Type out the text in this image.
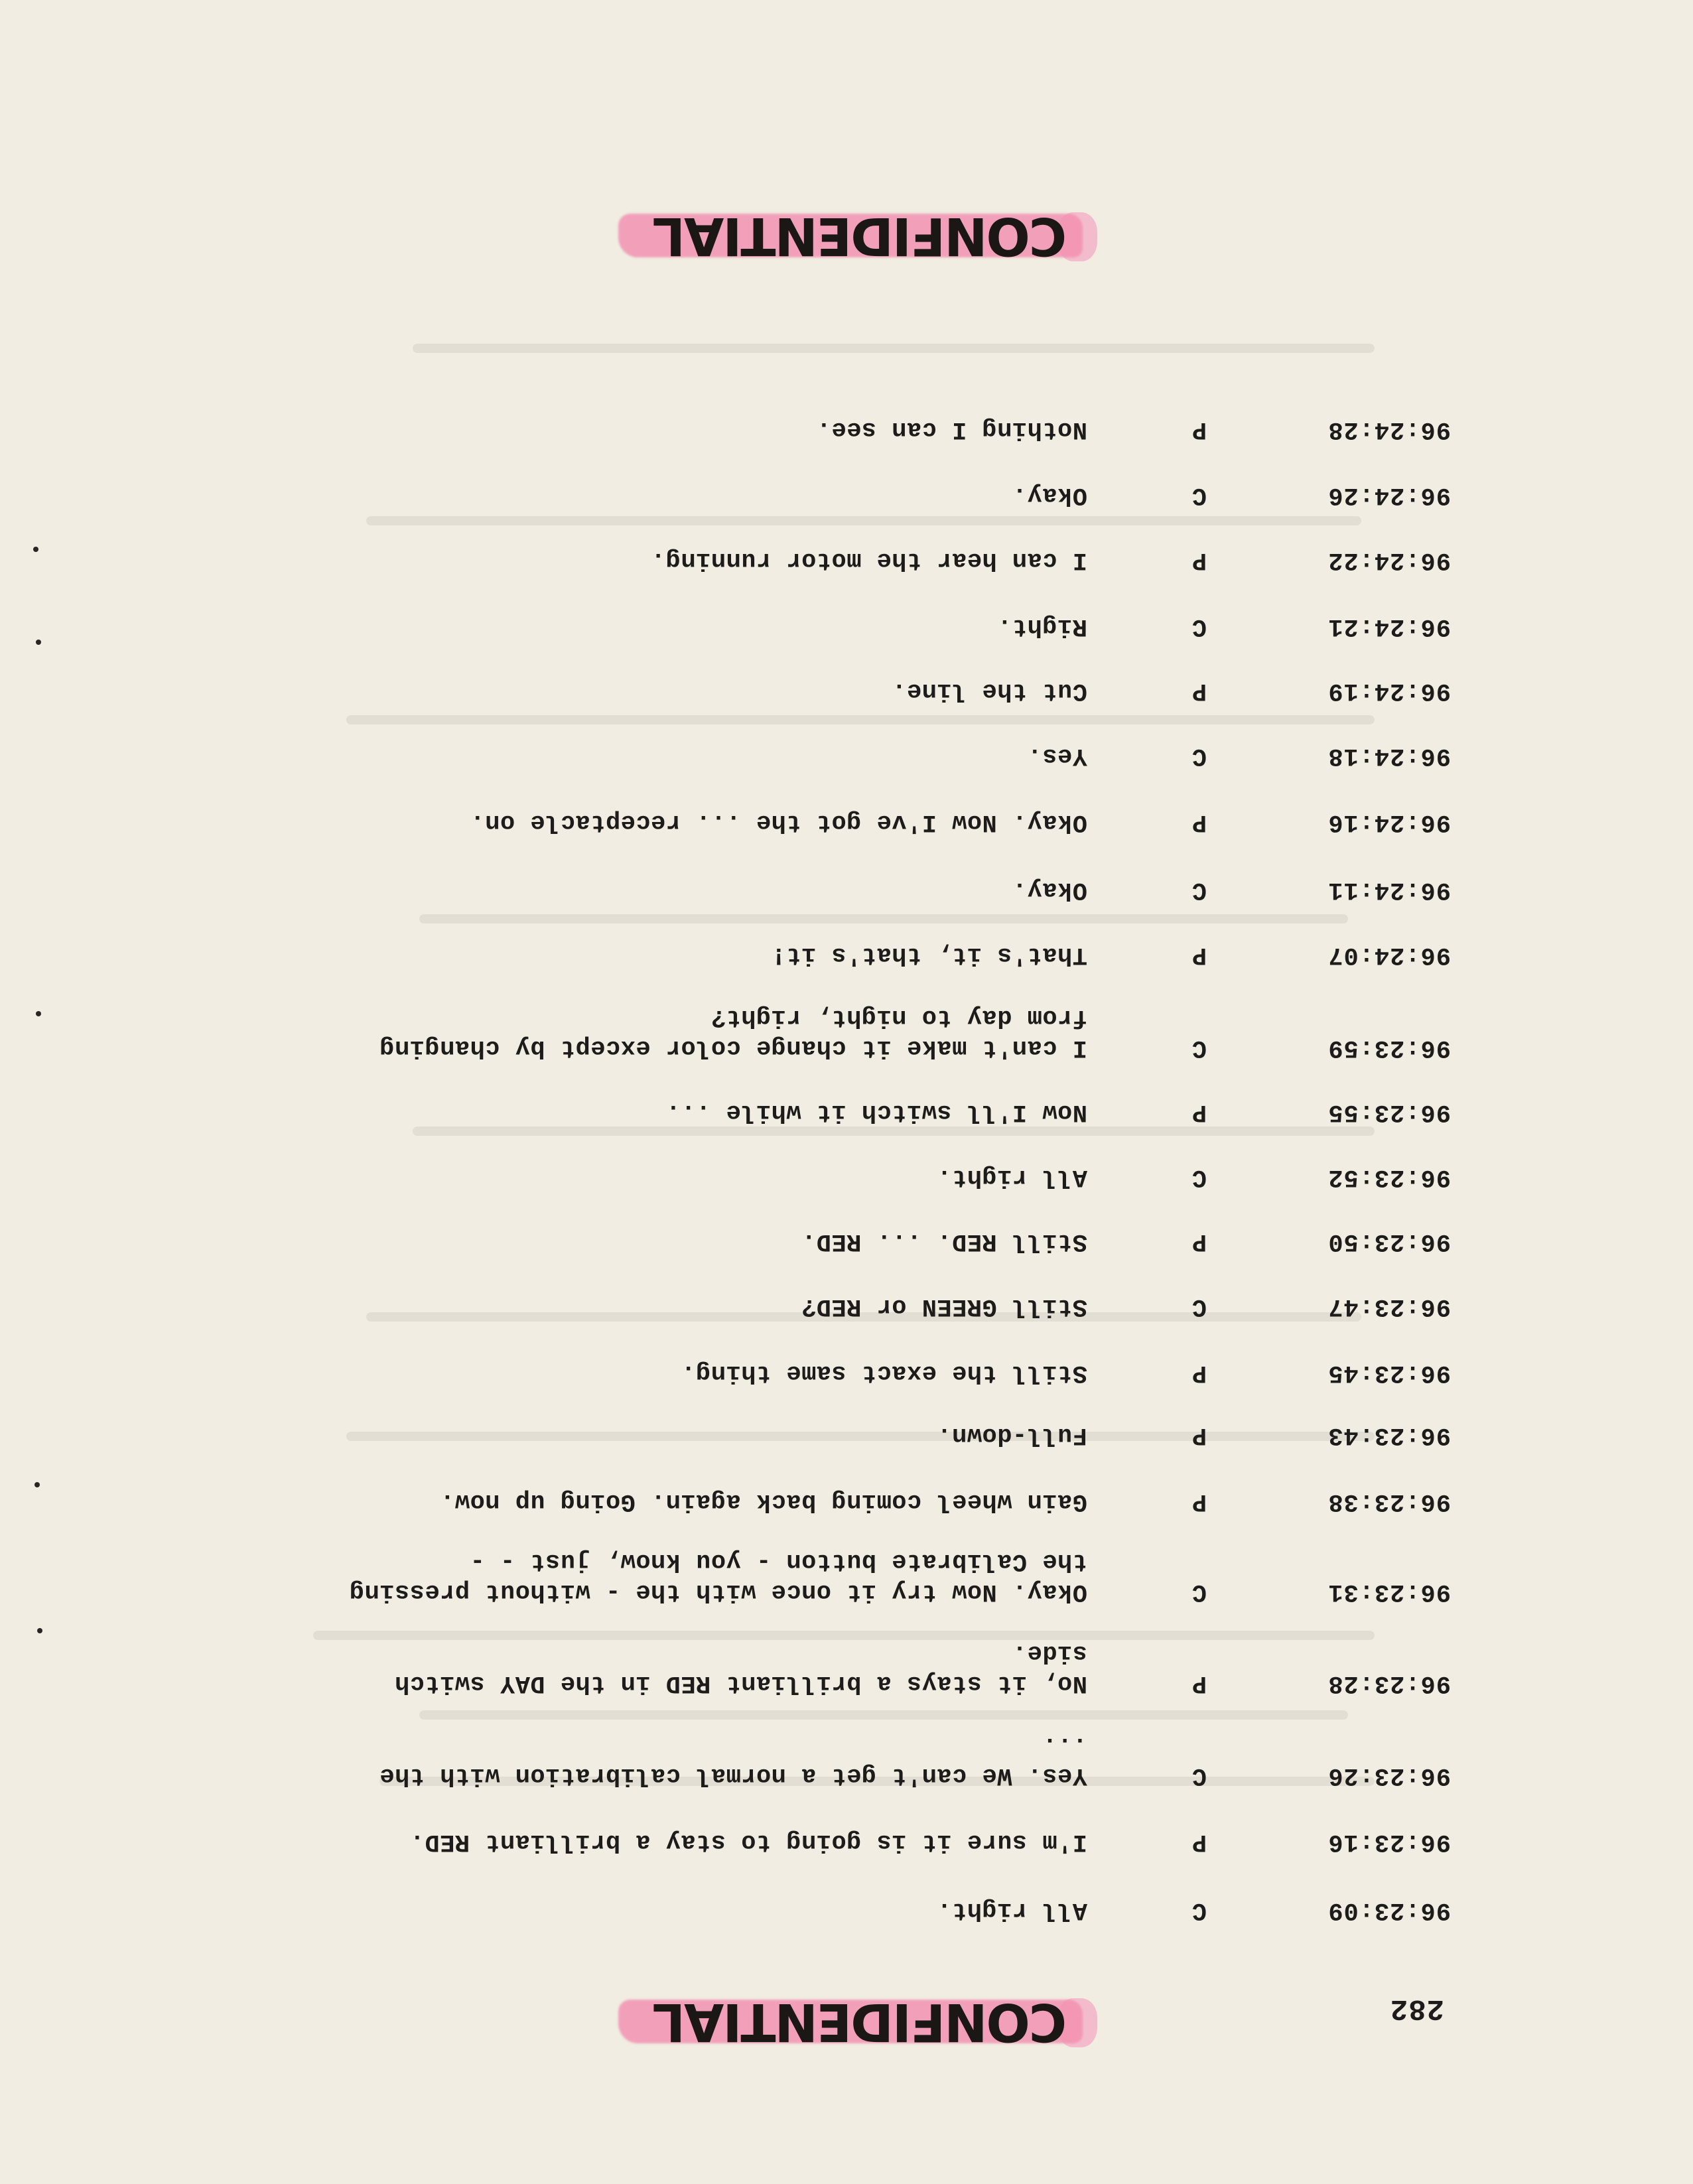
282
CONFIDENTIAL
96:23:09
C
All right.
96:23:16
P
I'm sure it is going to stay a brilliant RED.
96:23:26
C
Yes. We can't get a normal calibration with the
...
96:23:28
P
No, it stays a brilliant RED in the DAY switch
side.
96:23:31
C
Okay. Now try it once with the - without pressing
the Calibrate button - you know, just - -
96:23:38
P
Gain wheel coming back again. Going up now.
96:23:43
P
Full-down.
96:23:45
P
Still the exact same thing.
96:23:47
C
Still GREEN or RED?
96:23:50
P
Still RED. ... RED.
96:23:52
C
All right.
96:23:55
P
Now I'll switch it while ...
96:23:59
C
I can't make it change color except by changing
from day to night, right?
96:24:07
P
That's it, that's it!
96:24:11
C
Okay.
96:24:16
P
Okay. Now I've got the ... receptacle on.
96:24:18
C
Yes.
96:24:19
P
Cut the line.
96:24:21
C
Right.
96:24:22
P
I can hear the motor running.
96:24:26
C
Okay.
96:24:28
P
Nothing I can see.
CONFIDENTIAL
